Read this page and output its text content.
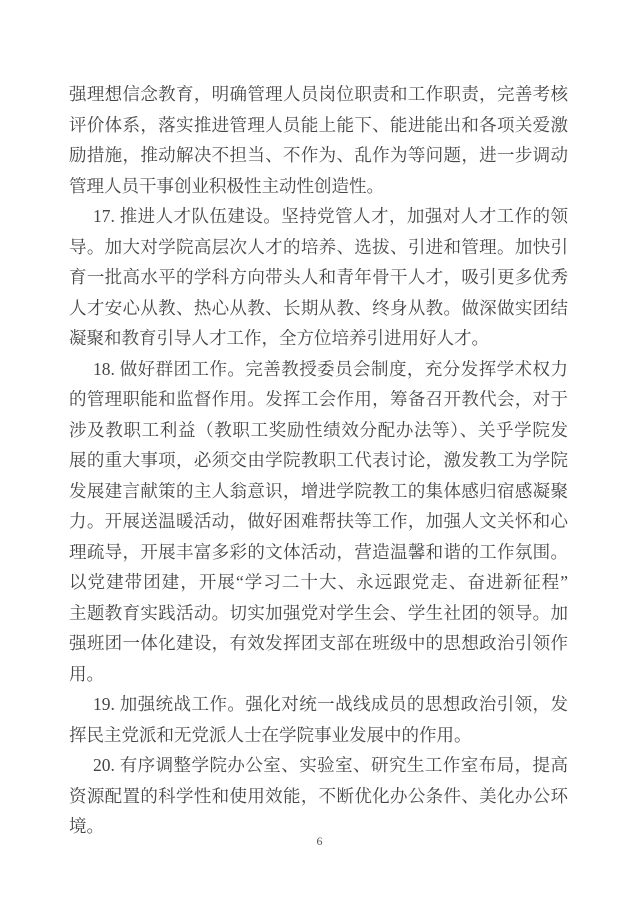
强理想信念教育，明确管理人员岗位职责和工作职责，完善考核
评价体系，落实推进管理人员能上能下、能进能出和各项关爱激
励措施，推动解决不担当、不作为、乱作为等问题，进一步调动
管理人员干事创业积极性主动性创造性。
17. 推进人才队伍建设。坚持党管人才，加强对人才工作的领
导。加大对学院高层次人才的培养、选拔、引进和管理。加快引
育一批高水平的学科方向带头人和青年骨干人才，吸引更多优秀
人才安心从教、热心从教、长期从教、终身从教。做深做实团结
凝聚和教育引导人才工作，全方位培养引进用好人才。
18. 做好群团工作。完善教授委员会制度，充分发挥学术权力
的管理职能和监督作用。发挥工会作用，筹备召开教代会，对于
涉及教职工利益（教职工奖励性绩效分配办法等）、关乎学院发
展的重大事项，必须交由学院教职工代表讨论，激发教工为学院
发展建言献策的主人翁意识，增进学院教工的集体感归宿感凝聚
力。开展送温暖活动，做好困难帮扶等工作，加强人文关怀和心
理疏导，开展丰富多彩的文体活动，营造温馨和谐的工作氛围。
以党建带团建，开展“学习二十大、永远跟党走、奋进新征程”
主题教育实践活动。切实加强党对学生会、学生社团的领导。加
强班团一体化建设，有效发挥团支部在班级中的思想政治引领作
用。
19. 加强统战工作。强化对统一战线成员的思想政治引领，发
挥民主党派和无党派人士在学院事业发展中的作用。
20. 有序调整学院办公室、实验室、研究生工作室布局，提高
资源配置的科学性和使用效能，不断优化办公条件、美化办公环
境。
6
